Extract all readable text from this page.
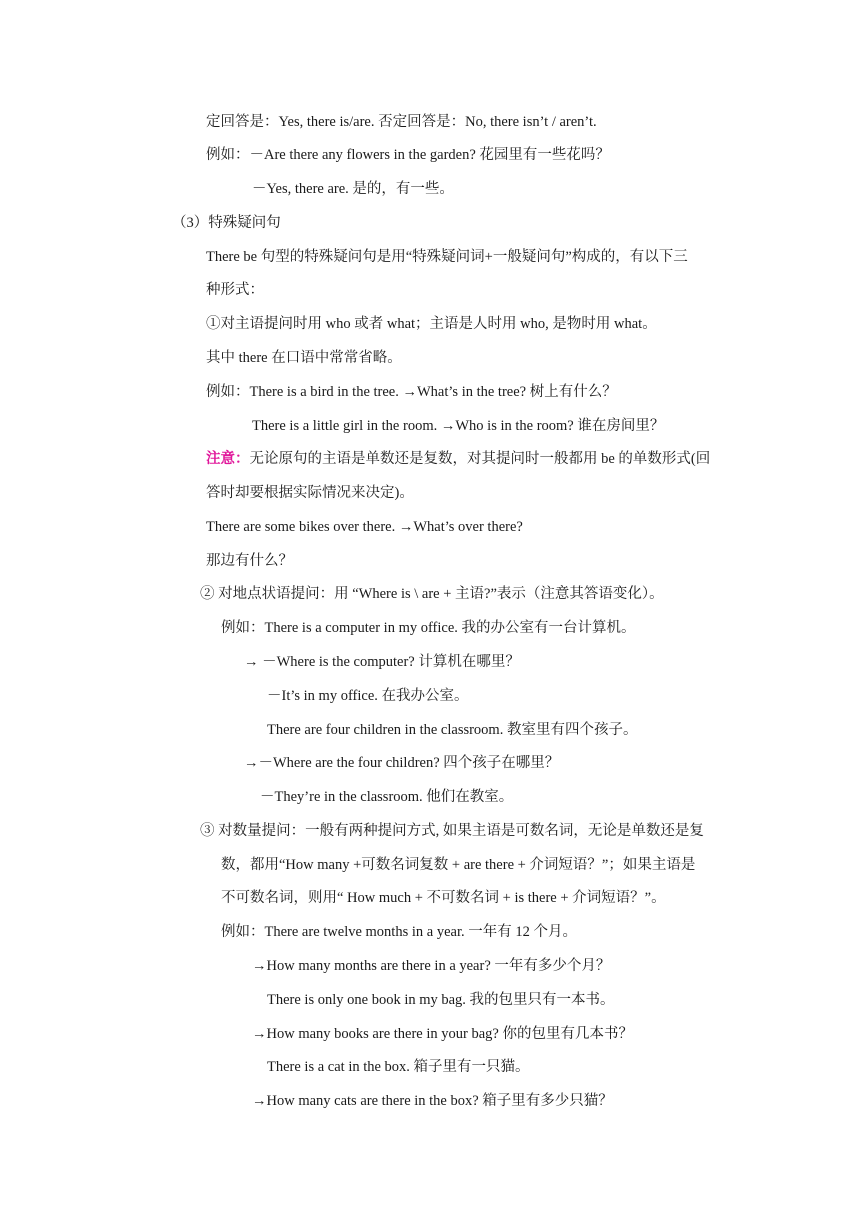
定回答是：Yes, there is/are. 否定回答是：No, there isn’t / aren’t.
例如：－Are there any flowers in the garden? 花园里有一些花吗？
－Yes, there are. 是的，有一些。
（3）特殊疑问句
There be 句型的特殊疑问句是用“特殊疑问词+一般疑问句”构成的，有以下三
种形式：
①对主语提问时用 who 或者 what；主语是人时用 who, 是物时用 what。
其中 there 在口语中常常省略。
例如：There is a bird in the tree. →What’s in the tree? 树上有什么？
There is a little girl in the room. →Who is in the room? 谁在房间里？
注意：无论原句的主语是单数还是复数，对其提问时一般都用 be 的单数形式(回
答时却要根据实际情况来决定)。
There are some bikes over there. →What’s over there?
那边有什么？
② 对地点状语提问：用 “Where is \ are + 主语?”表示（注意其答语变化）。
例如：There is a computer in my office. 我的办公室有一台计算机。
→ －Where is the computer? 计算机在哪里？
－It’s in my office. 在我办公室。
There are four children in the classroom. 教室里有四个孩子。
→－Where are the four children? 四个孩子在哪里？
－They’re in the classroom. 他们在教室。
③ 对数量提问：一般有两种提问方式, 如果主语是可数名词，无论是单数还是复
数，都用“How many +可数名词复数 + are there + 介词短语？”；如果主语是
不可数名词，则用“ How much + 不可数名词 + is there + 介词短语？”。
例如：There are twelve months in a year. 一年有 12 个月。
→How many months are there in a year? 一年有多少个月？
There is only one book in my bag. 我的包里只有一本书。
→How many books are there in your bag? 你的包里有几本书？
There is a cat in the box. 箱子里有一只猫。
→How many cats are there in the box? 箱子里有多少只猫？
